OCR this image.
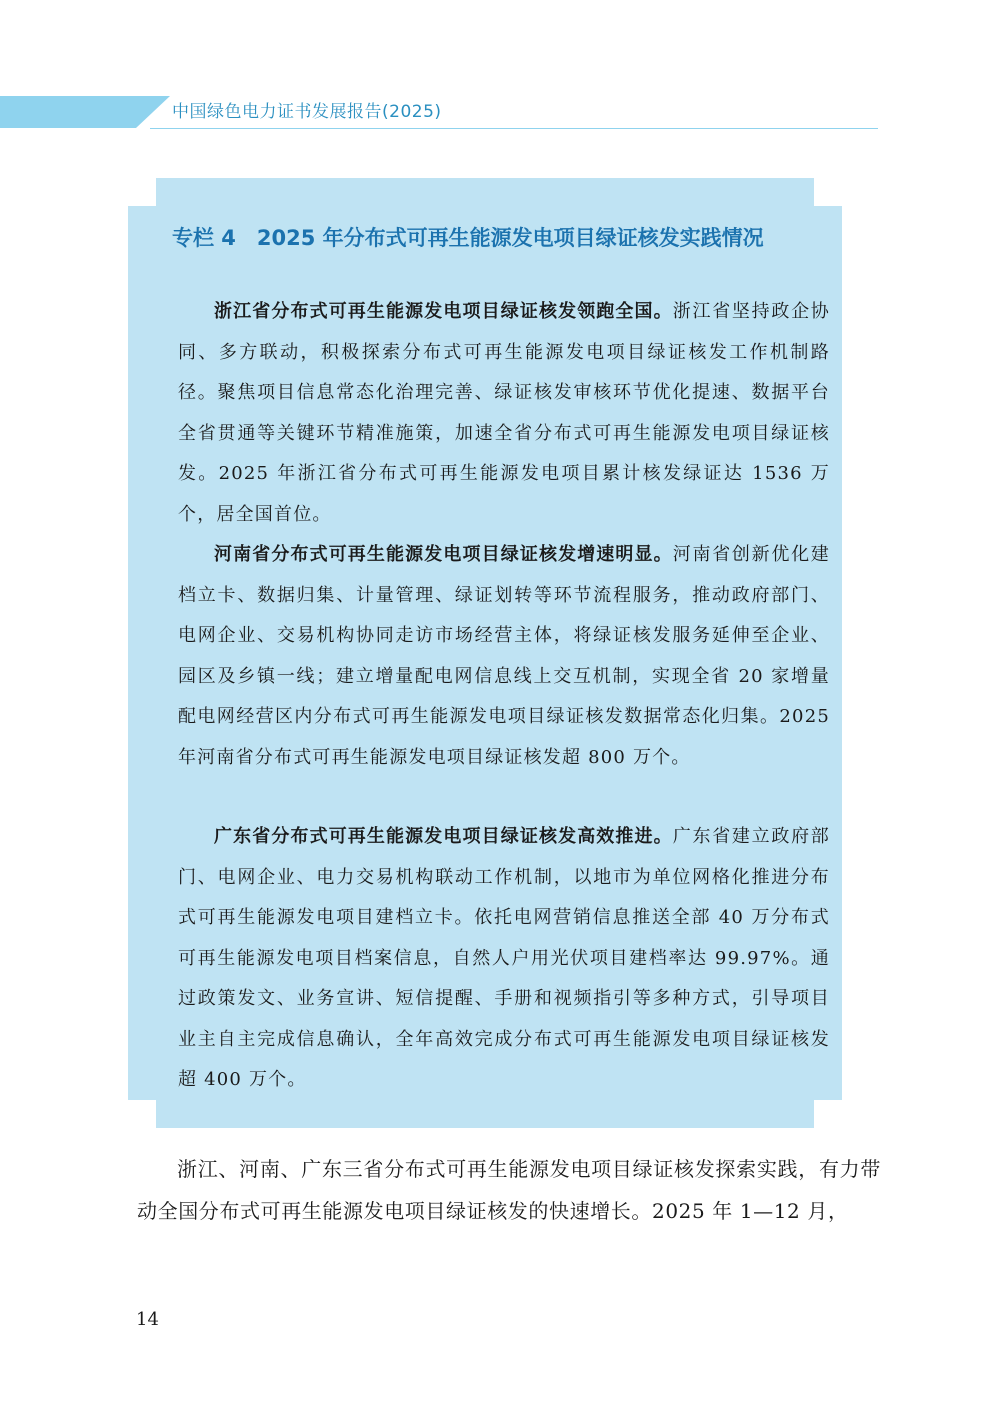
中国绿色电力证书发展报告(2025)
专栏 4　2025 年分布式可再生能源发电项目绿证核发实践情况

浙江省分布式可再生能源发电项目绿证核发领跑全国。浙江省坚持政企协同、多方联动，积极探索分布式可再生能源发电项目绿证核发工作机制路径。聚焦项目信息常态化治理完善、绿证核发审核环节优化提速、数据平台全省贯通等关键环节精准施策，加速全省分布式可再生能源发电项目绿证核发。2025 年浙江省分布式可再生能源发电项目累计核发绿证达 1536 万个，居全国首位。

河南省分布式可再生能源发电项目绿证核发增速明显。河南省创新优化建档立卡、数据归集、计量管理、绿证划转等环节流程服务，推动政府部门、电网企业、交易机构协同走访市场经营主体，将绿证核发服务延伸至企业、园区及乡镇一线；建立增量配电网信息线上交互机制，实现全省 20 家增量配电网经营区内分布式可再生能源发电项目绿证核发数据常态化归集。2025 年河南省分布式可再生能源发电项目绿证核发超 800 万个。

广东省分布式可再生能源发电项目绿证核发高效推进。广东省建立政府部门、电网企业、电力交易机构联动工作机制，以地市为单位网格化推进分布式可再生能源发电项目建档立卡。依托电网营销信息推送全部 40 万分布式可再生能源发电项目档案信息，自然人户用光伏项目建档率达 99.97%。通过政策发文、业务宣讲、短信提醒、手册和视频指引等多种方式，引导项目业主自主完成信息确认，全年高效完成分布式可再生能源发电项目绿证核发超 400 万个。

浙江、河南、广东三省分布式可再生能源发电项目绿证核发探索实践，有力带动全国分布式可再生能源发电项目绿证核发的快速增长。2025 年 1—12 月，

14
